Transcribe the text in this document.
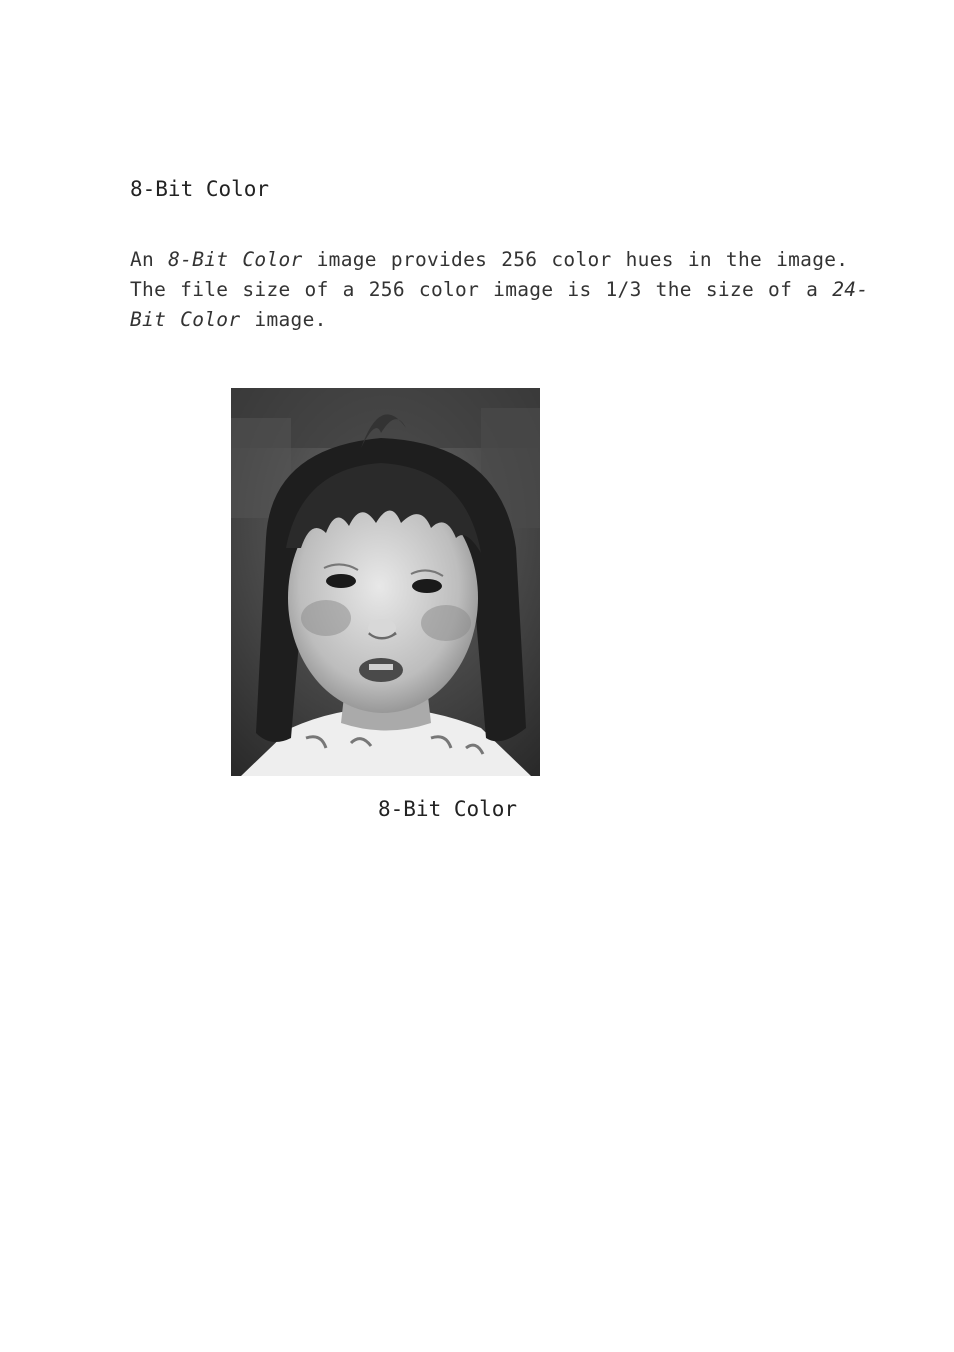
8-Bit Color

An 8-Bit Color image provides 256 color hues in the image.

The file size of a 256 color image is 1/3 the size of a 24-

Bit Color image.

8-Bit Color
